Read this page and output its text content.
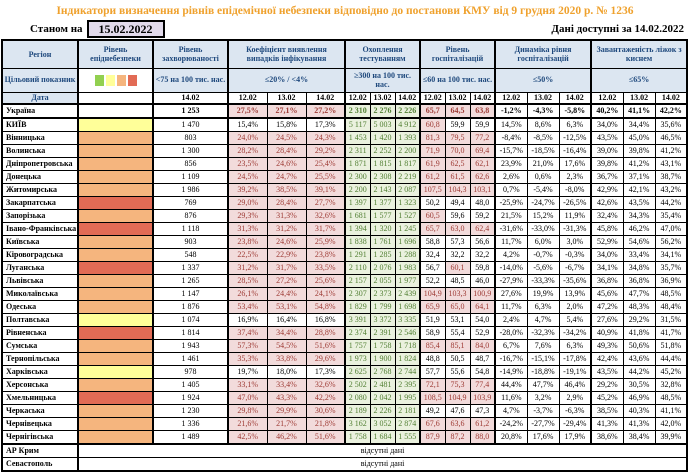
Індикатори визначення рівнів епідемічної небезпеки відповідно до постанови КМУ від 9 грудня 2020 р. № 1236
Станом на	15.02.2022	Дані доступні за 14.02.2022
Регіон	Рівень епіднебезпеки	Рівень захворюваності	Коефіцієнт виявлення випадків інфікування			Охоплення тестуванням			Рівень госпіталізацій			Динаміка рівня госпіталізацій			Завантаженість ліжок з киснем		
Цільовий показник		<75 на 100 тис. нас.	≤20% / <4%			≥300 на 100 тис. нас.			≤60 на 100 тис. нас.			≤50%			≤65%		
Дата		14.02	12.02	13.02	14.02	12.02	13.02	14.02	12.02	13.02	14.02	12.02	13.02	14.02	12.02	13.02	14.02
Україна		1 253	27,5%	27,1%	27,2%	2 310	2 276	2 226	65,7	64,5	63,8	-1,2%	-4,3%	-5,8%	40,2%	41,1%	42,2%
КИЇВ		1 470	15,4%	15,8%	17,3%	5 117	5 003	4 912	60,8	59,9	59,9	14,5%	8,6%	6,3%	34,0%	34,4%	35,6%
Вінницька		803	24,0%	24,5%	24,3%	1 453	1 420	1 393	81,3	79,5	77,2	-8,4%	-8,5%	-12,5%	43,5%	45,0%	46,5%
Волинська		1 300	28,2%	28,4%	29,2%	2 311	2 252	2 200	71,9	70,0	69,4	-15,7%	-18,5%	-16,4%	39,0%	39,8%	41,2%
Дніпропетровська		856	23,5%	24,6%	25,4%	1 871	1 815	1 817	61,9	62,5	62,1	23,9%	21,0%	17,6%	39,8%	41,2%	43,1%
Донецька		1 109	24,5%	24,7%	25,5%	2 300	2 308	2 219	61,2	61,5	62,6	2,6%	0,6%	2,3%	36,7%	37,1%	38,7%
Житомирська		1 986	39,2%	38,5%	39,1%	2 200	2 143	2 087	107,5	104,3	103,1	0,7%	-5,4%	-8,0%	42,9%	42,1%	43,2%
Закарпатська		769	29,0%	28,4%	27,7%	1 397	1 377	1 323	50,2	49,4	48,0	-25,9%	-24,7%	-26,5%	42,6%	43,5%	44,2%
Запорізька		876	29,3%	31,3%	32,6%	1 681	1 577	1 527	60,5	59,6	59,2	21,5%	15,2%	11,9%	32,4%	34,3%	35,4%
Івано-Франківська		1 118	31,3%	31,2%	31,7%	1 394	1 320	1 245	65,7	63,0	62,4	-31,6%	-33,0%	-31,3%	45,8%	46,2%	47,0%
Київська		903	23,8%	24,6%	25,9%	1 838	1 761	1 696	58,8	57,3	56,6	11,7%	6,0%	3,0%	52,9%	54,6%	56,2%
Кіровоградська		548	22,5%	22,9%	23,8%	1 291	1 285	1 288	32,4	32,2	32,2	4,2%	-0,7%	-0,3%	34,0%	33,4%	34,1%
Луганська		1 337	31,2%	31,7%	33,5%	2 110	2 076	1 983	56,7	60,1	59,8	-14,0%	-5,6%	-6,7%	34,1%	34,8%	35,7%
Львівська		1 265	28,5%	27,2%	25,6%	2 157	2 055	1 977	52,2	48,5	46,0	-27,9%	-33,3%	-35,6%	36,8%	36,8%	36,9%
Миколаївська		1 147	26,1%	24,4%	24,1%	2 307	2 373	2 439	104,9	103,3	100,9	27,6%	19,9%	13,9%	45,6%	47,7%	48,5%
Одеська		1 876	53,4%	53,1%	54,8%	1 829	1 799	1 698	65,9	65,0	64,1	11,7%	6,3%	2,0%	47,2%	48,3%	48,4%
Полтавська		1 074	16,9%	16,4%	16,8%	3 391	3 372	3 335	51,9	53,1	54,0	2,4%	4,7%	5,4%	27,6%	29,2%	31,5%
Рівненська		1 814	37,4%	34,4%	28,8%	2 374	2 391	2 546	58,9	55,4	52,9	-28,0%	-32,3%	-34,2%	40,9%	41,8%	41,7%
Сумська		1 943	57,3%	54,5%	51,6%	1 757	1 758	1 718	85,4	85,1	84,0	6,7%	7,6%	6,3%	49,3%	50,6%	51,8%
Тернопільська		1 461	35,3%	33,8%	29,6%	1 973	1 900	1 824	48,8	50,5	48,7	-16,7%	-15,1%	-17,8%	42,4%	43,6%	44,4%
Харківська		978	19,7%	18,0%	17,3%	2 625	2 768	2 744	57,7	55,6	54,8	-14,9%	-18,8%	-19,1%	43,5%	44,2%	45,2%
Херсонська		1 405	33,1%	33,4%	32,6%	2 502	2 481	2 395	72,1	75,3	77,4	44,4%	47,7%	46,4%	29,2%	30,5%	32,8%
Хмельницька		1 924	47,0%	43,3%	42,2%	2 080	2 042	1 995	108,5	104,9	103,9	11,6%	3,2%	2,9%	45,2%	46,9%	48,5%
Черкаська		1 230	29,8%	29,9%	30,6%	2 189	2 226	2 181	49,2	47,6	47,3	4,7%	-3,7%	-6,3%	38,5%	40,3%	41,1%
Чернівецька		1 336	21,6%	21,7%	21,8%	3 162	3 052	2 874	67,6	63,6	61,2	-24,2%	-27,7%	-29,4%	41,3%	41,3%	42,0%
Чернігівська		1 489	42,5%	46,2%	51,6%	1 758	1 684	1 555	87,9	87,2	88,0	20,8%	17,6%	17,9%	38,6%	38,4%	39,9%
АР Крим	відсутні дані																
Севастополь	відсутні дані																
